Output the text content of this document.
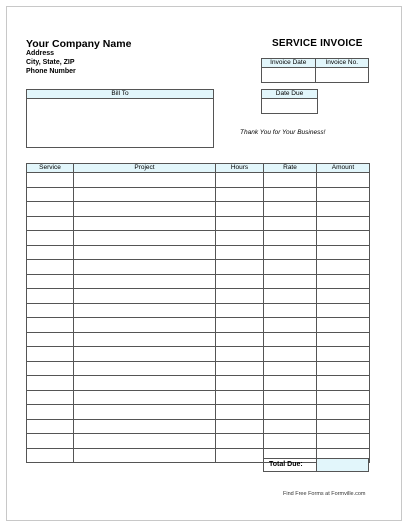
Your Company Name
Address
City, State, ZIP
Phone Number
SERVICE INVOICE
Invoice Date	Invoice No.

Bill To	Date Due

Thank You for Your Business!
Service	Project	Hours	Rate	Amount

Total Due:
Find Free Forms at Formville.com
